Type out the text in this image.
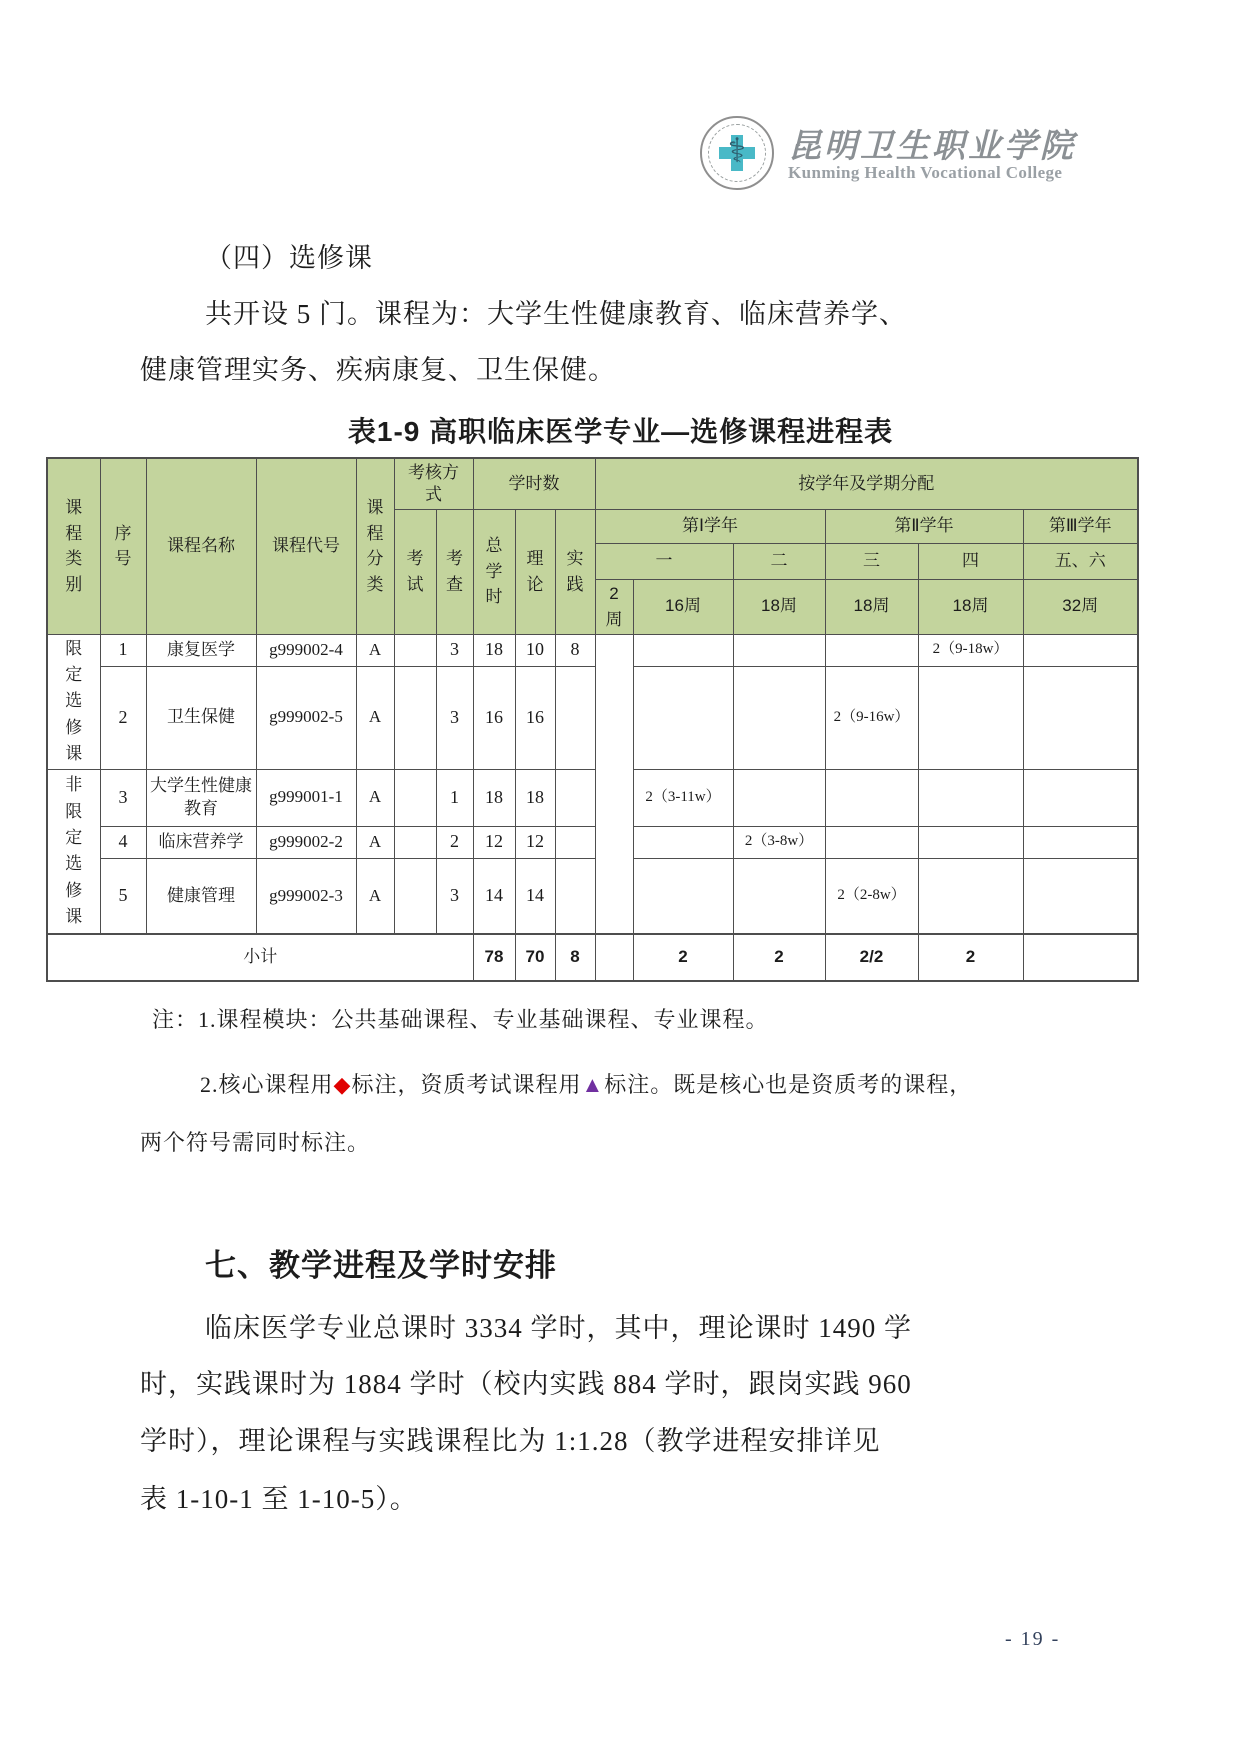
⚕	昆明卫生职业学院
Kunming Health Vocational College
（四）选修课
共开设 5 门。课程为：大学生性健康教育、临床营养学、
健康管理实务、疾病康复、卫生保健。
表1-9 高职临床医学专业—选修课程进程表
课程类别	序号	课程名称	课程代号	课程分类	考核方式		学时数			按学年及学期分配					
					考试	考查	总学时	理论	实践	第Ⅰ学年			第Ⅱ学年		第Ⅲ学年
										一		二	三	四	五、六
										2周	16周	18周	18周	18周	32周
限定选修课	1	康复医学	g999002-4	A		3	18	10	8					2（9-18w）	
	2	卫生保健	g999002-5	A		3	16	16					2（9-16w）		
非限定选修课	3	大学生性健康教育	g999001-1	A		1	18	18			2（3-11w）				
	4	临床营养学	g999002-2	A		2	12	12				2（3-8w）			
	5	健康管理	g999002-3	A		3	14	14					2（2-8w）		
小计							78	70	8		2	2	2/2	2	
注：1.课程模块：公共基础课程、专业基础课程、专业课程。
2.核心课程用◆标注，资质考试课程用▲标注。既是核心也是资质考的课程，
两个符号需同时标注。
七、教学进程及学时安排
临床医学专业总课时 3334 学时，其中，理论课时 1490 学
时，实践课时为 1884 学时（校内实践 884 学时，跟岗实践 960
学时），理论课程与实践课程比为 1:1.28（教学进程安排详见
表 1-10-1 至 1-10-5）。
- 19 -
